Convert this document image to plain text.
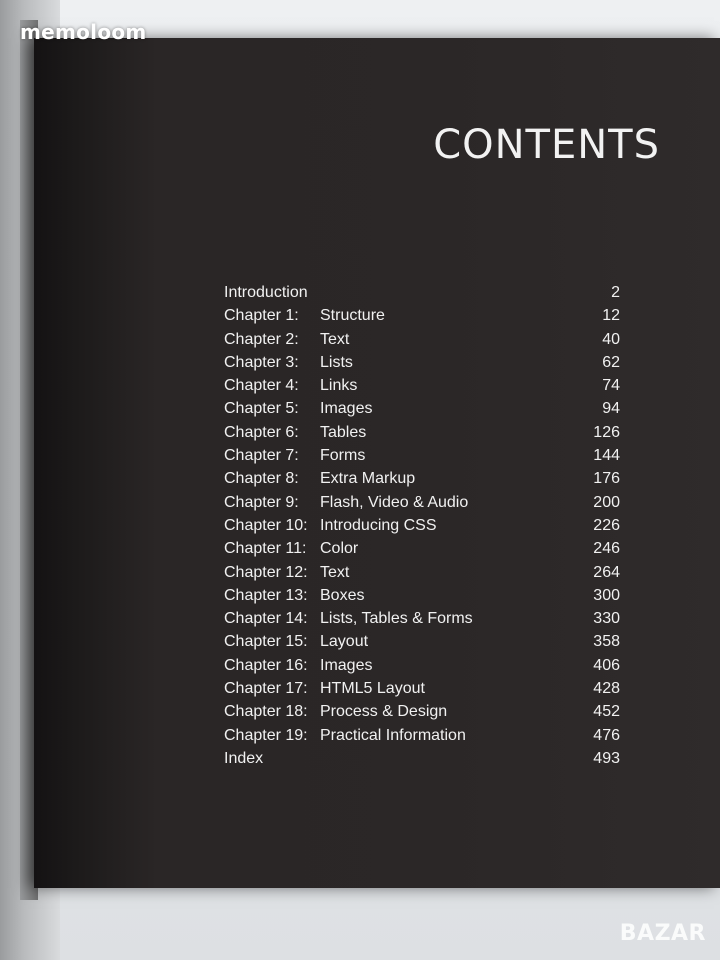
CONTENTS
Introduction	2
Chapter 1:	Structure	12
Chapter 2:	Text	40
Chapter 3:	Lists	62
Chapter 4:	Links	74
Chapter 5:	Images	94
Chapter 6:	Tables	126
Chapter 7:	Forms	144
Chapter 8:	Extra Markup	176
Chapter 9:	Flash, Video & Audio	200
Chapter 10: Introducing CSS	226
Chapter 11: Color	246
Chapter 12: Text	264
Chapter 13: Boxes	300
Chapter 14: Lists, Tables & Forms	330
Chapter 15: Layout	358
Chapter 16: Images	406
Chapter 17: HTML5 Layout	428
Chapter 18: Process & Design	452
Chapter 19: Practical Information	476
Index	493
memoloom
BAZAR
